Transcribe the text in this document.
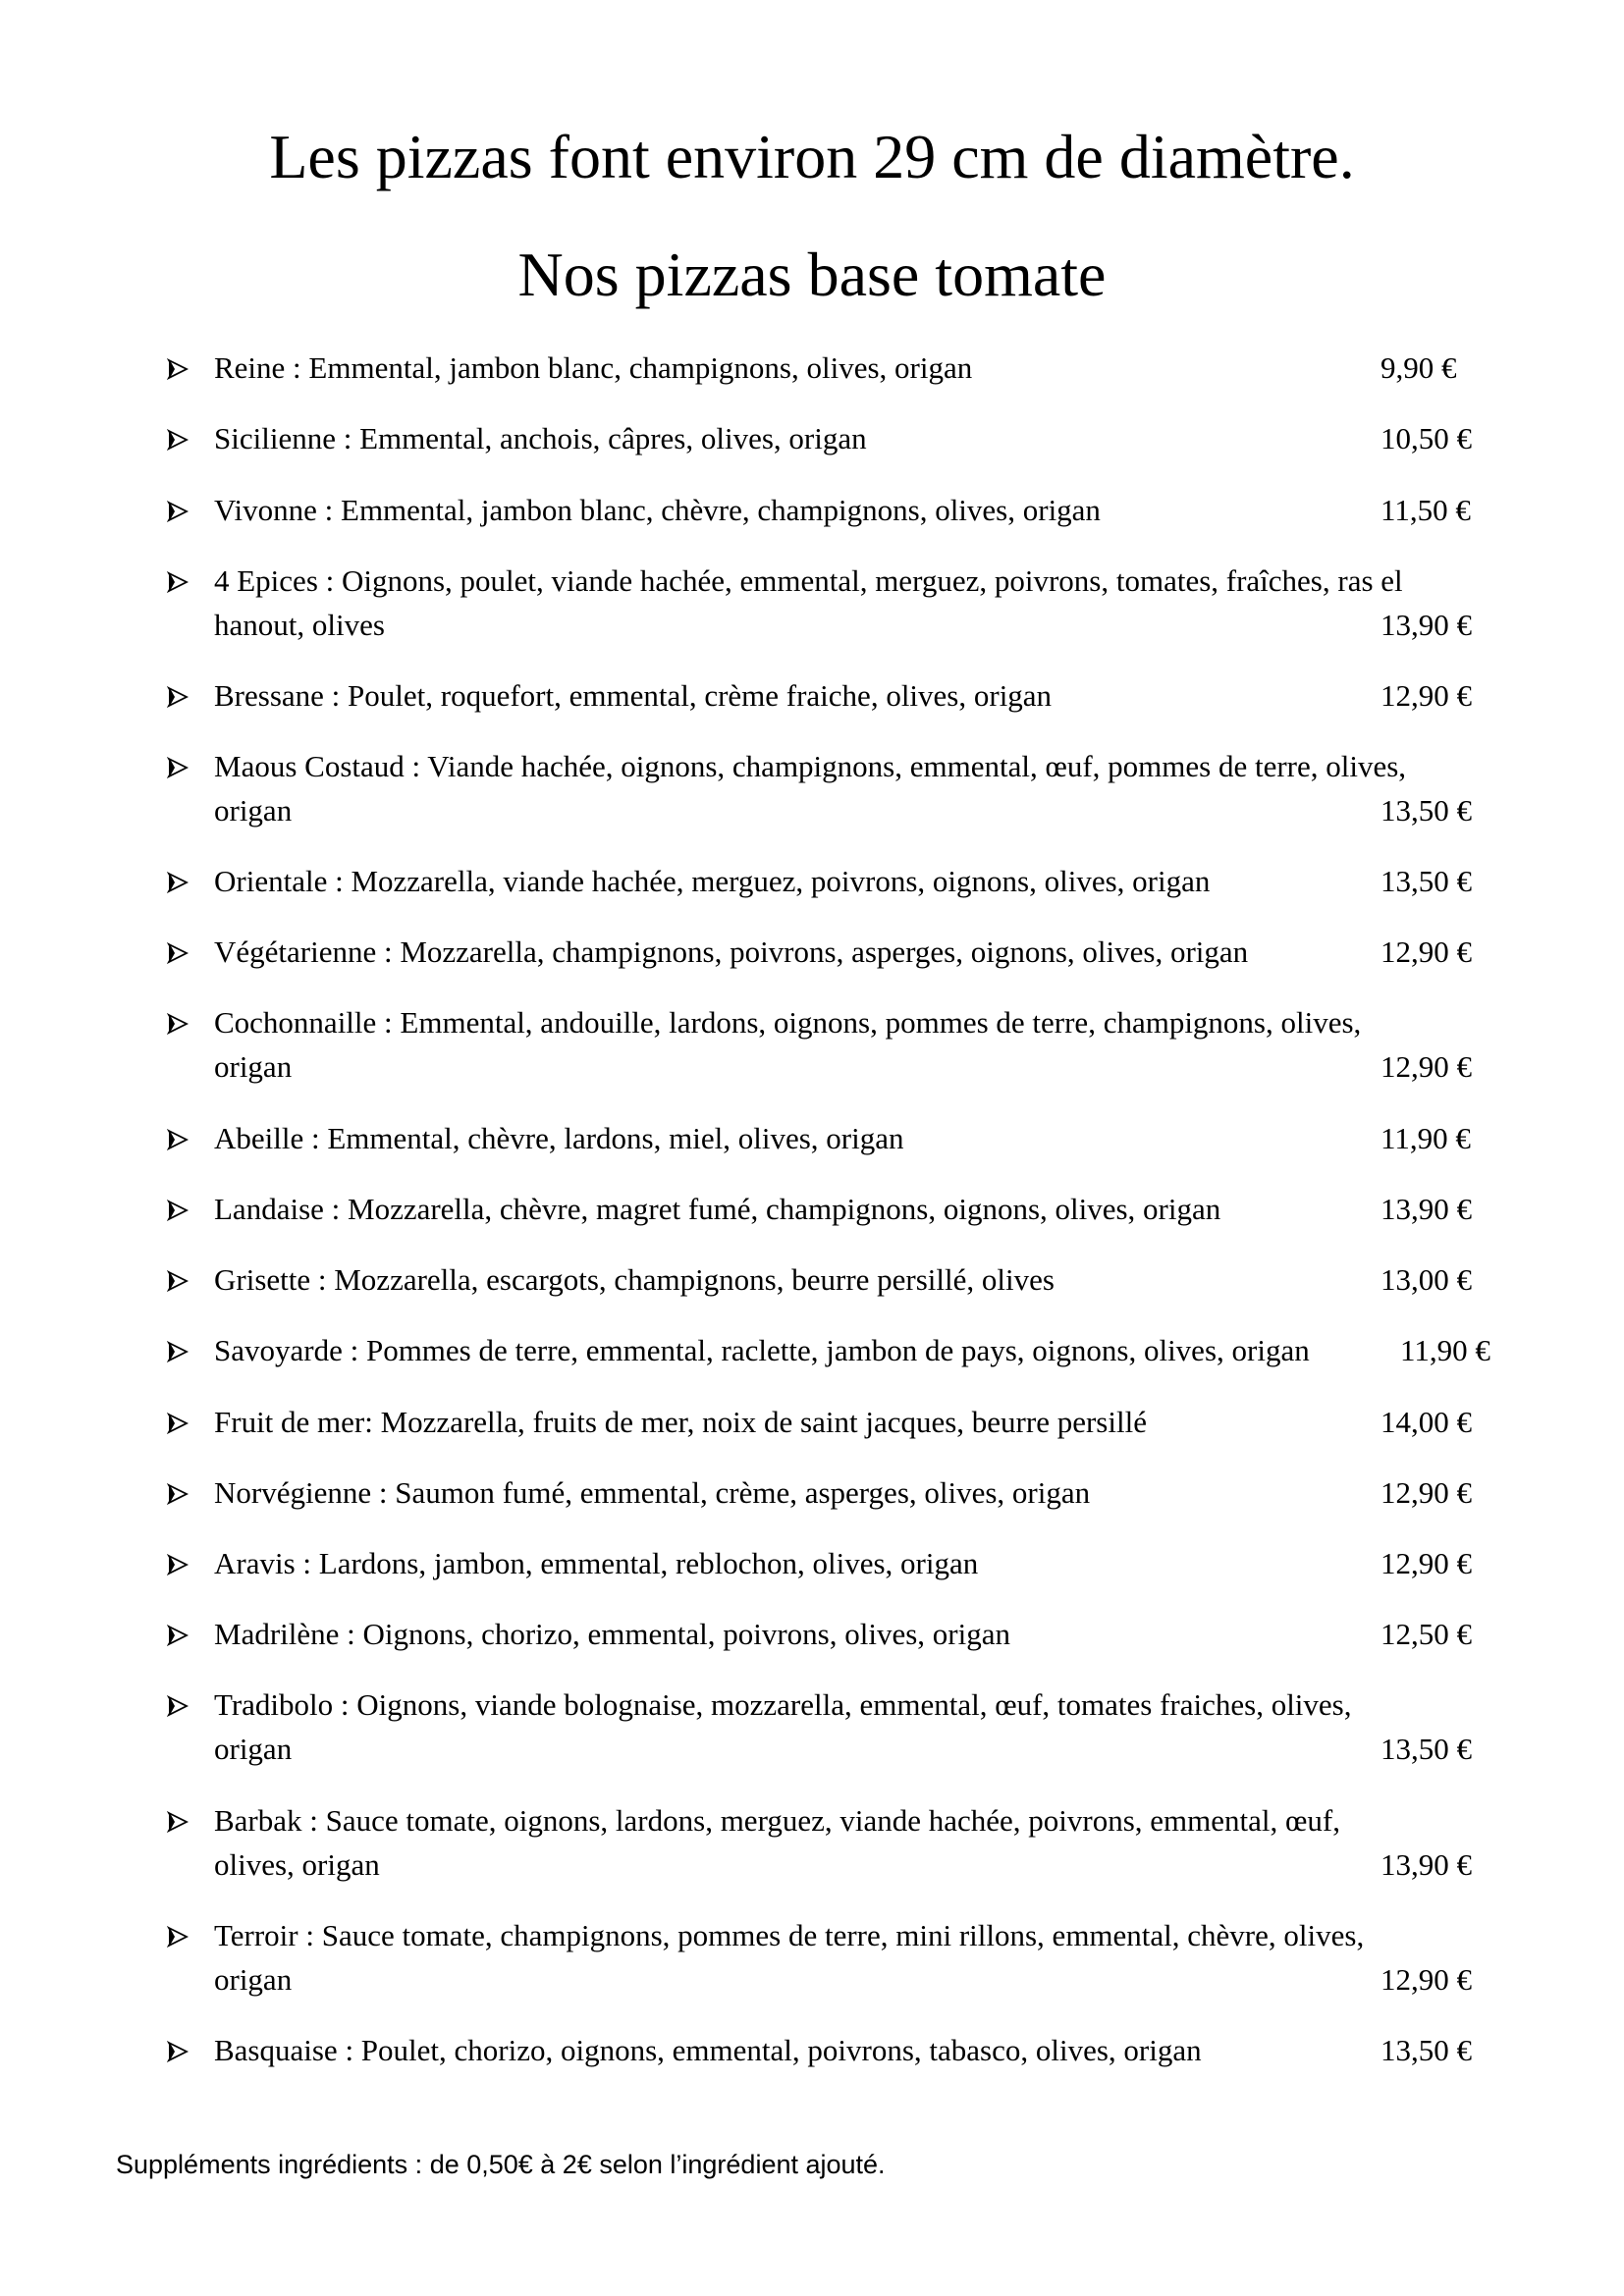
Les pizzas font environ 29 cm de diamètre.
Nos pizzas base tomate
Reine : Emmental, jambon blanc, champignons, olives, origan	9,90 €
Sicilienne : Emmental, anchois, câpres, olives, origan	10,50 €
Vivonne : Emmental, jambon blanc, chèvre, champignons, olives, origan	11,50 €
4 Epices : Oignons, poulet, viande hachée, emmental, merguez, poivrons, tomates, fraîches, ras el
hanout, olives	13,90 €
Bressane : Poulet, roquefort, emmental, crème fraiche, olives, origan	12,90 €
Maous Costaud : Viande hachée, oignons, champignons, emmental, œuf, pommes de terre, olives,
origan	13,50 €
Orientale : Mozzarella, viande hachée, merguez, poivrons, oignons, olives, origan	13,50 €
Végétarienne : Mozzarella, champignons, poivrons, asperges, oignons, olives, origan	12,90 €
Cochonnaille : Emmental, andouille, lardons, oignons, pommes de terre, champignons, olives,
origan	12,90 €
Abeille : Emmental, chèvre, lardons, miel, olives, origan	11,90 €
Landaise : Mozzarella, chèvre, magret fumé, champignons, oignons, olives, origan	13,90 €
Grisette : Mozzarella, escargots, champignons, beurre persillé, olives	13,00 €
Savoyarde : Pommes de terre, emmental, raclette, jambon de pays, oignons, olives, origan	11,90 €
Fruit de mer: Mozzarella, fruits de mer, noix de saint jacques, beurre persillé	14,00 €
Norvégienne : Saumon fumé, emmental, crème, asperges, olives, origan	12,90 €
Aravis : Lardons, jambon, emmental, reblochon, olives, origan	12,90 €
Madrilène : Oignons, chorizo, emmental, poivrons, olives, origan	12,50 €
Tradibolo : Oignons, viande bolognaise, mozzarella, emmental, œuf, tomates fraiches, olives,
origan	13,50 €
Barbak : Sauce tomate, oignons, lardons, merguez, viande hachée, poivrons, emmental, œuf,
olives, origan	13,90 €
Terroir : Sauce tomate, champignons, pommes de terre, mini rillons, emmental, chèvre, olives,
origan	12,90 €
Basquaise : Poulet, chorizo, oignons, emmental, poivrons, tabasco, olives, origan	13,50 €
Suppléments ingrédients : de 0,50€ à 2€ selon l’ingrédient ajouté.
